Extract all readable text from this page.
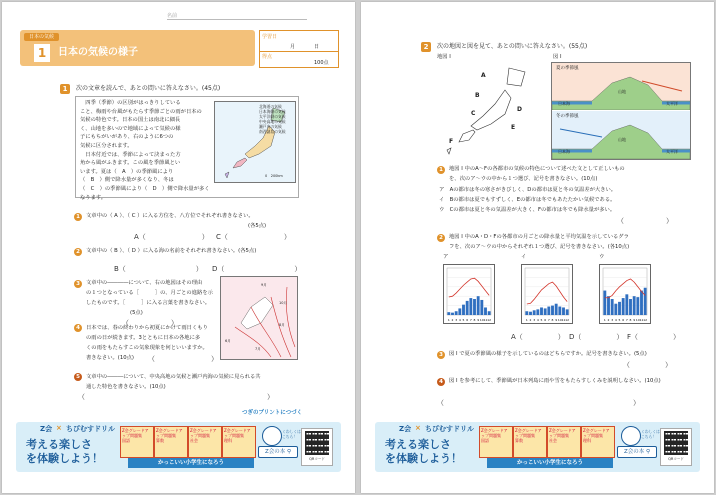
名前
日本の気候
1	日本の気候の様子
学習日
月	日
得点
100点
1	次の文章を読んで、あとの問いに答えなさい。(45点)
　四季（季節）の区別がはっきりしている
こと、梅雨や台風がもたらす季節ごとの雨が日本の
気候の特色です。日本の国土は南北に細長
く、山地を多いので地域によって気候の様
子にもちがいがあり、右のように6つの
気候に区分されます。
　日本付近では、季節によって決まった方
角から風がふきます。この風を季節風とい
います。夏は（　A　）の季節風により
（　B　）側で降水量が多くなり、冬は
（　C　）の季節風により（　D　）側で降水量が多くなります。
北海道の気候
日本海側の気候
太平洋側の気候
中央高地の気候
瀬戸内の気候
南西諸島の気候
0　200km
1	文章中の（ A ）、（ C ）に入る方位を、八方位でそれぞれ書きなさい。
(各5点)
A（　　　　　　　　） C（　　　　　　　　）
2	文章中の（ B ）、（ D ）に入る海の名前をそれぞれ書きなさい。(各5点)
B（　　　　　　　　　　） D（　　　　　　　　　　）
3	文章中の――――について、右の地図はその理由
の１つとなっている［　　　］の、月ごとの進路を示
したものです。［　　　］に入る言葉を書きなさい。
(5点)
（　　　　　　）
6月
7月
8月
9月
10月
4	日本では、春の終わりから初夏にかけて雨日くもり
の雨の日が続きます。3とともに日本の各地に多
くの雨をもたらすこの気象現象を何といいますか。
書きなさい。(10点)	（　　　　　　　　）
5	文章中の―――について、中央高地の気候と瀬戸内海の気候に見られる共
通した特色を書きなさい。(10点)
（　　　　　　　　　　　　　　　　　　　　　　　　　　）
つぎのプリントにつづく
Z会 × ちびむすドリル
考える楽しさ
を体験しよう！
Z会グレードアップ問題集
国語
Z会グレードアップ問題集
算数
Z会グレードアップ問題集
社会
Z会グレードアップ問題集
理科
くわしくは
こちら！
Z会の本 ⚲
かっこいい小学生になろう
QRコード
2	次の地図と図を見て、あとの問いに答えなさい。(55点)
地図 I	図 I
A
B
C
D
E
F
夏の季節風
日本海	太平洋
山地
冬の季節風
日本海	太平洋
山地
1	地図 I 中のA〜Fの各都市の気候の特色について述べた文として正しいもの
を、次のア〜ウの中から１つ選び、記号を書きなさい。(10点)
ア　Aの都市は冬の寒さがきびしく、Dの都市は夏と冬の気温差が大きい。
イ　Bの都市は夏でもすずしく、Eの都市は冬でもあたたかい気候である。
ウ　Cの都市は夏と冬の気温差が大きく、Fの都市は冬でも降水量が多い。
（　　　　　　）
2	地図 I 中のA・D・Fの各都市の月ごとの降水量と平均気温を示しているグラ
フを、次のア〜ウの中からそれぞれ１つ選び、記号を書きなさい。(各10点)
ア	イ	ウ
1 2 3 4 5 6 7 8 9 10 11 12	1 2 3 4 5 6 7 8 9 10 11 12	1 2 3 4 5 6 7 8 9 10 11 12
A（　　　　　） D（　　　　　） F（　　　　　）
3	図 I で夏の季節風の様子を示しているのはどちらですか。記号を書きなさい。(5点)
（　　　　　）
4	図 I を参考にして、季節風が日本列島に雨や雪をもたらすしくみを説明しなさい。(10点)
（　　　　　　　　　　　　　　　　　　　　　　　　　　　）
Z会 × ちびむすドリル
考える楽しさ
を体験しよう！
Z会グレードアップ問題集
国語
Z会グレードアップ問題集
算数
Z会グレードアップ問題集
社会
Z会グレードアップ問題集
理科
くわしくは
こちら！
Z会の本 ⚲
かっこいい小学生になろう
QRコード
